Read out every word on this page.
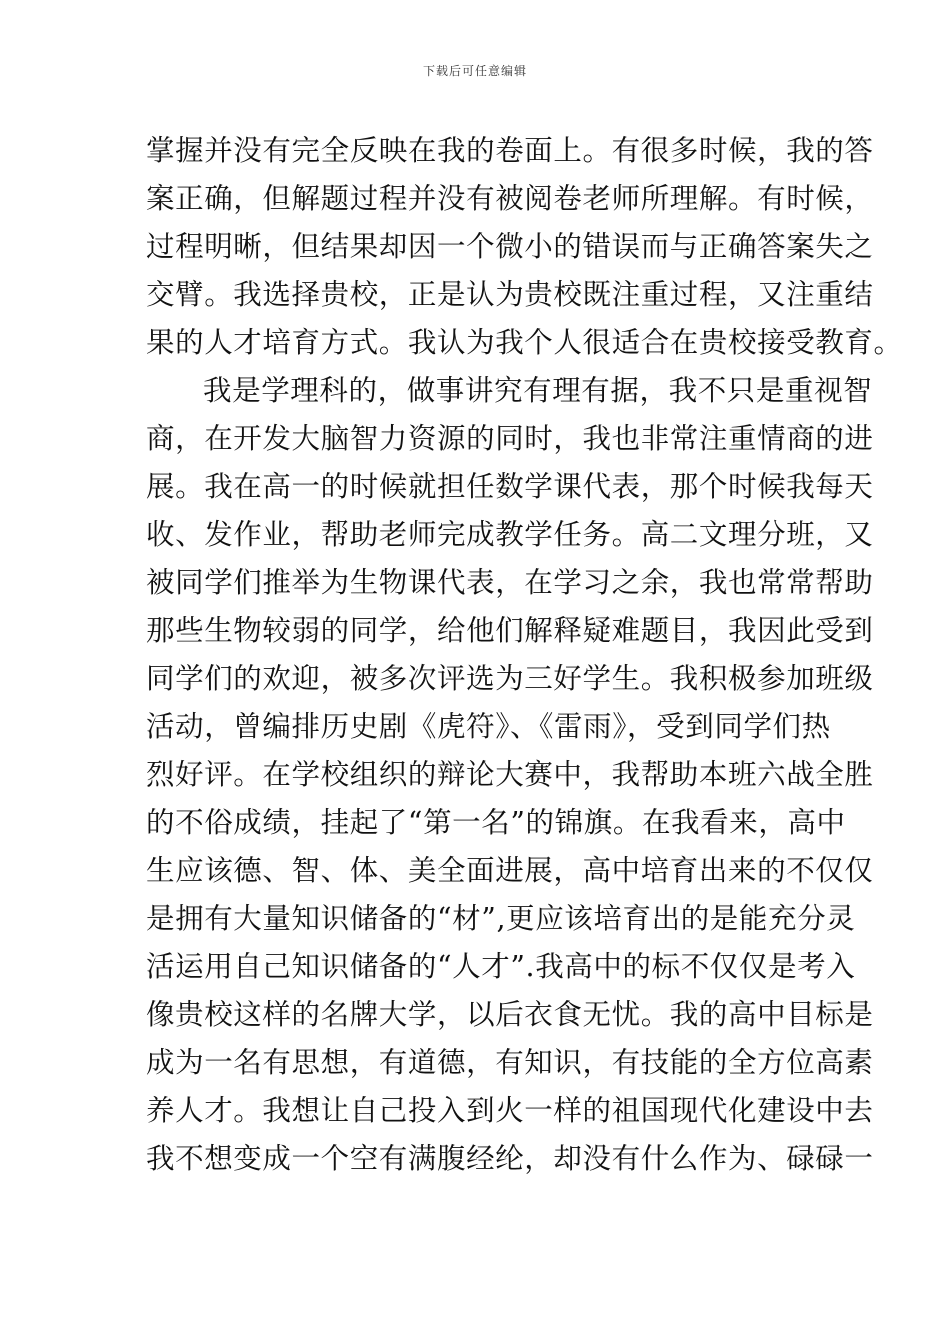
下载后可任意编辑
掌握并没有完全反映在我的卷面上。有很多时候，我的答
案正确，但解题过程并没有被阅卷老师所理解。有时候，
过程明晰，但结果却因一个微小的错误而与正确答案失之
交臂。我选择贵校，正是认为贵校既注重过程，又注重结
果的人才培育方式。我认为我个人很适合在贵校接受教育。
我是学理科的，做事讲究有理有据，我不只是重视智
商，在开发大脑智力资源的同时，我也非常注重情商的进
展。我在高一的时候就担任数学课代表，那个时候我每天
收、发作业，帮助老师完成教学任务。高二文理分班，又
被同学们推举为生物课代表，在学习之余，我也常常帮助
那些生物较弱的同学，给他们解释疑难题目，我因此受到
同学们的欢迎，被多次评选为三好学生。我积极参加班级
活动，曾编排历史剧《虎符》、《雷雨》，受到同学们热
烈好评。在学校组织的辩论大赛中，我帮助本班六战全胜
的不俗成绩，挂起了“第一名”的锦旗。在我看来，高中
生应该德、智、体、美全面进展，高中培育出来的不仅仅
是拥有大量知识储备的“材”,更应该培育出的是能充分灵
活运用自己知识储备的“人才”.我高中的标不仅仅是考入
像贵校这样的名牌大学，以后衣食无忧。我的高中目标是
成为一名有思想，有道德，有知识，有技能的全方位高素
养人才。我想让自己投入到火一样的祖国现代化建设中去
我不想变成一个空有满腹经纶，却没有什么作为、碌碌一
